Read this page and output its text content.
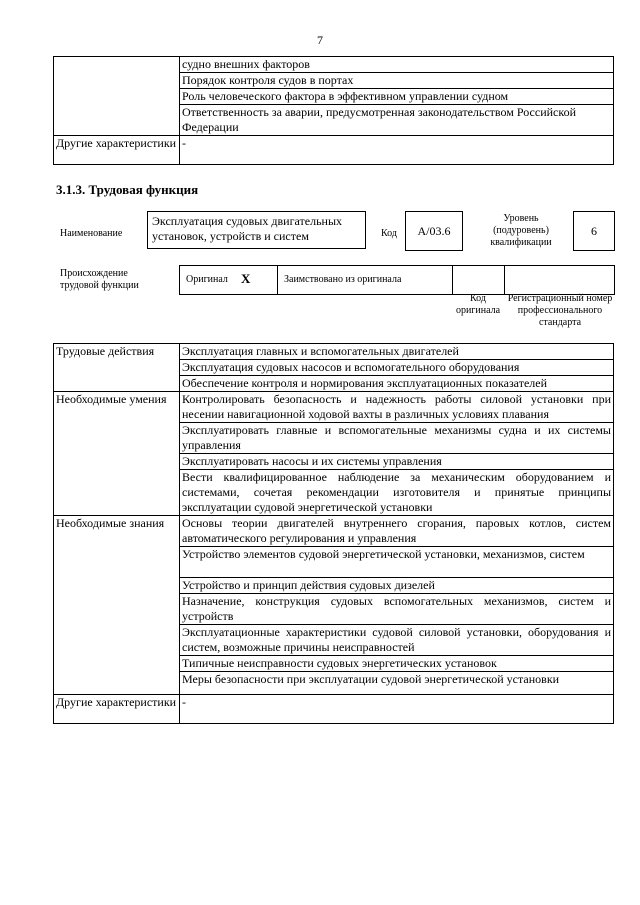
7
	судно внешних факторов
	Порядок контроля судов в портах
	Роль человеческого фактора в эффективном управлении судном
	Ответственность за аварии, предусмотренная законодательством Российской Федерации
Другие характеристики	-
3.1.3. Трудовая функция
Наименование
Эксплуатация судовых двигательных установок, устройств и систем	Код	А/03.6
Уровень (подуровень) квалификации
6
Происхождение трудовой функции
Оригинал X	Заимствовано из оригинала
Код оригинала
Регистрационный номер профессионального стандарта
Трудовые действия	Эксплуатация главных и вспомогательных двигателей
	Эксплуатация судовых насосов и вспомогательного оборудования
	Обеспечение контроля и нормирования эксплуатационных показателей
Необходимые умения	Контролировать безопасность и надежность работы силовой установки при несении навигационной ходовой вахты в различных условиях плавания
	Эксплуатировать главные и вспомогательные механизмы судна и их системы управления
	Эксплуатировать насосы и их системы управления
	Вести квалифицированное наблюдение за механическим оборудованием и системами, сочетая рекомендации изготовителя и принятые принципы эксплуатации судовой энергетической установки
Необходимые знания	Основы теории двигателей внутреннего сгорания, паровых котлов, систем автоматического регулирования и управления
	Устройство элементов судовой энергетической установки, механизмов, систем
	Устройство и принцип действия судовых дизелей
	Назначение, конструкция судовых вспомогательных механизмов, систем и устройств
	Эксплуатационные характеристики судовой силовой установки, оборудования и систем, возможные причины неисправностей
	Типичные неисправности судовых энергетических установок
	Меры безопасности при эксплуатации судовой энергетической установки
Другие характеристики	-
